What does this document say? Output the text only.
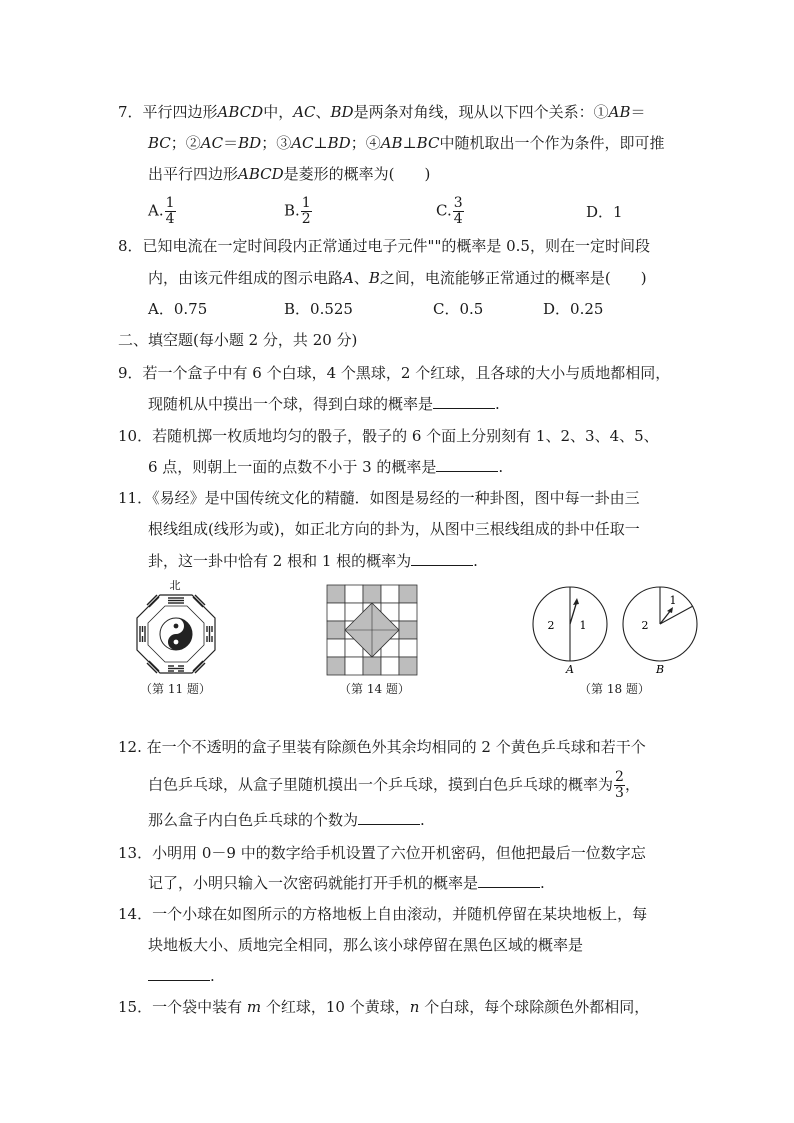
7．平行四边形ABCD中，AC、BD是两条对角线，现从以下四个关系：①AB＝
BC；②AC＝BD；③AC⊥BD；④AB⊥BC中随机取出一个作为条件，即可推
出平行四边形ABCD是菱形的概率为(　　)
A. $\frac{1}{4}$	B. $\frac{1}{2}$	C. $\frac{3}{4}$	D．1
8．已知电流在一定时间段内正常通过电子元件""的概率是 0.5，则在一定时间段
内，由该元件组成的图示电路A、B之间，电流能够正常通过的概率是(　　)
A．0.75	B．0.525	C．0.5	D．0.25
二、填空题(每小题 2 分，共 20 分)
9．若一个盒子中有 6 个白球，4 个黑球，2 个红球，且各球的大小与质地都相同，
现随机从中摸出一个球，得到白球的概率是	.
10．若随机掷一枚质地均匀的骰子，骰子的 6 个面上分别刻有 1、2、3、4、5、
6 点，则朝上一面的点数不小于 3 的概率是	.
11．《易经》是中国传统文化的精髓．如图是易经的一种卦图，图中每一卦由三
根线组成(线形为或)，如正北方向的卦为，从图中三根线组成的卦中任取一
卦，这一卦中恰有 2 根和 1 根的概率为	.
北
（第 11 题）	（第 14 题）
2 1
A
2
1
B
（第 18 题）
12. 在一个不透明的盒子里装有除颜色外其余均相同的 2 个黄色乒乓球和若干个
白色乒乓球，从盒子里随机摸出一个乒乓球，摸到白色乒乓球的概率为 $\frac{2}{3}$ ，
那么盒子内白色乒乓球的个数为	.
13．小明用 0－9 中的数字给手机设置了六位开机密码，但他把最后一位数字忘
记了，小明只输入一次密码就能打开手机的概率是	.
14．一个小球在如图所示的方格地板上自由滚动，并随机停留在某块地板上，每
块地板大小、质地完全相同，那么该小球停留在黑色区域的概率是
.
15．一个袋中装有 m 个红球，10 个黄球，n 个白球，每个球除颜色外都相同，
